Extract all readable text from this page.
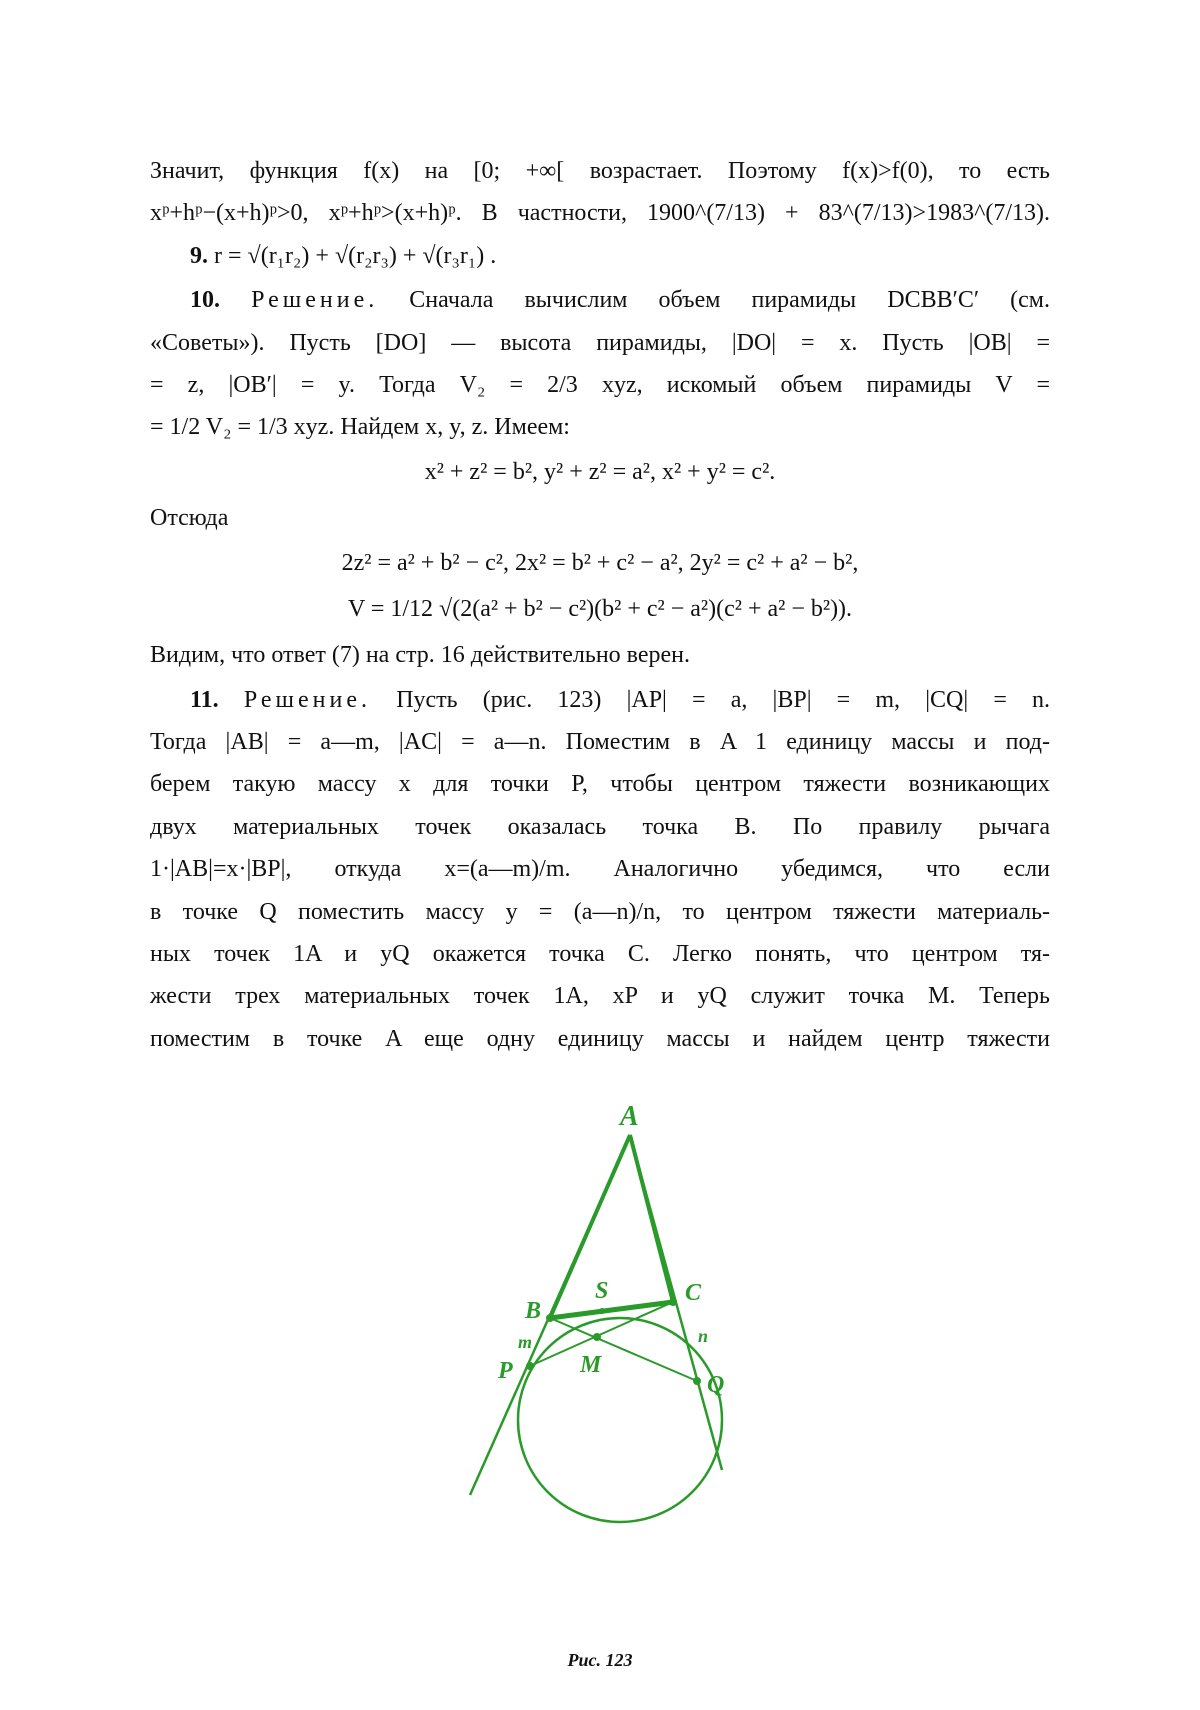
Значит, функция f(x) на [0; +∞[ возрастает. Поэтому f(x)>f(0), то есть
xᵖ+hᵖ−(x+h)ᵖ>0, xᵖ+hᵖ>(x+h)ᵖ. В частности, 1900^(7/13) + 83^(7/13)>1983^(7/13).
9. r = √(r₁r₂) + √(r₂r₃) + √(r₃r₁) .
10. Решение. Сначала вычислим объем пирамиды DCBB′C′ (см.
«Советы»). Пусть [DO] — высота пирамиды, |DO| = x. Пусть |OB| =
= z, |OB′| = y. Тогда V₂ = 2/3 xyz, искомый объем пирамиды V =
= 1/2 V₂ = 1/3 xyz. Найдем x, y, z. Имеем:
x² + z² = b², y² + z² = a², x² + y² = c².
Отсюда
2z² = a² + b² − c², 2x² = b² + c² − a², 2y² = c² + a² − b²,
V = 1/12 √(2(a² + b² − c²)(b² + c² − a²)(c² + a² − b²)).
Видим, что ответ (7) на стр. 16 действительно верен.
11. Решение. Пусть (рис. 123) |AP| = a, |BP| = m, |CQ| = n.
Тогда |AB| = a—m, |AC| = a—n. Поместим в A 1 единицу массы и под-
берем такую массу x для точки P, чтобы центром тяжести возникающих
двух материальных точек оказалась точка B. По правилу рычага
1·|AB|=x·|BP|, откуда x=(a—m)/m. Аналогично убедимся, что если
в точке Q поместить массу y = (a—n)/n, то центром тяжести материаль-
ных точек 1A и yQ окажется точка C. Легко понять, что центром тя-
жести трех материальных точек 1A, xP и yQ служит точка M. Теперь
поместим в точке A еще одну единицу массы и найдем центр тяжести
A
B
C
S
M
P
Q
m	n
Рис. 123
